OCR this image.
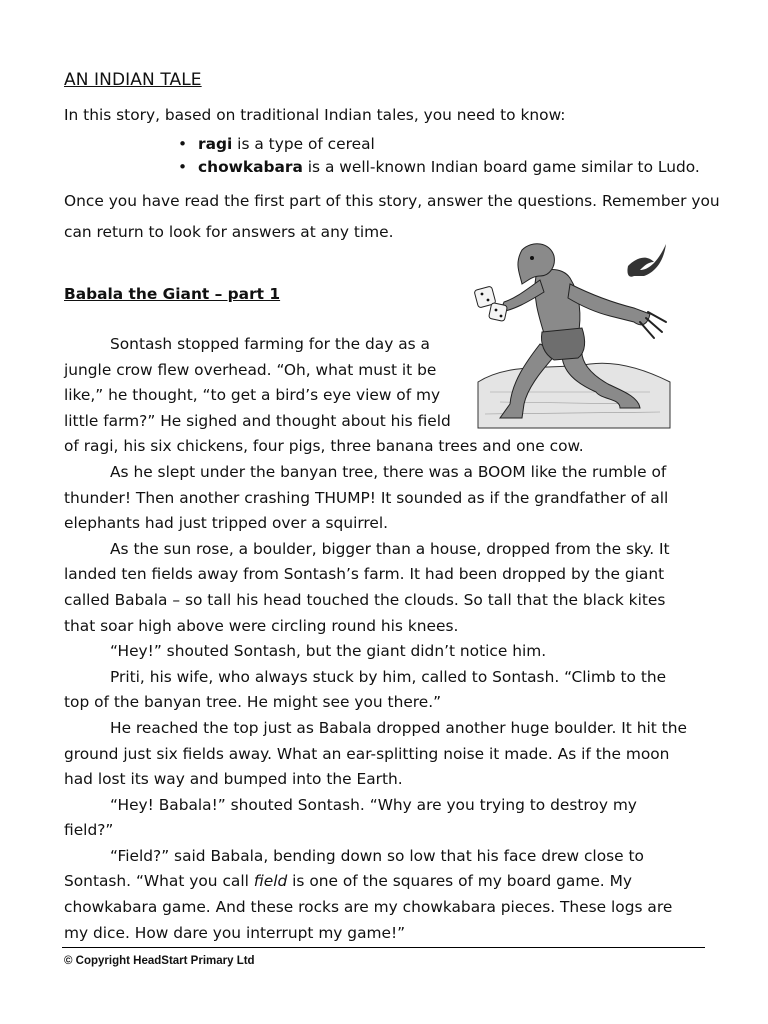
AN INDIAN TALE
In this story, based on traditional Indian tales, you need to know:
• ragi is a type of cereal
• chowkabara is a well-known Indian board game similar to Ludo.
Once you have read the first part of this story, answer the questions. Remember you
can return to look for answers at any time.
Babala the Giant – part 1
Sontash stopped farming for the day as a
jungle crow flew overhead. “Oh, what must it be
like,” he thought, “to get a bird’s eye view of my
little farm?” He sighed and thought about his field
of ragi, his six chickens, four pigs, three banana trees and one cow.
As he slept under the banyan tree, there was a BOOM like the rumble of
thunder! Then another crashing THUMP! It sounded as if the grandfather of all
elephants had just tripped over a squirrel.
As the sun rose, a boulder, bigger than a house, dropped from the sky. It
landed ten fields away from Sontash’s farm. It had been dropped by the giant
called Babala – so tall his head touched the clouds. So tall that the black kites
that soar high above were circling round his knees.
“Hey!” shouted Sontash, but the giant didn’t notice him.
Priti, his wife, who always stuck by him, called to Sontash. “Climb to the
top of the banyan tree. He might see you there.”
He reached the top just as Babala dropped another huge boulder. It hit the
ground just six fields away. What an ear-splitting noise it made. As if the moon
had lost its way and bumped into the Earth.
“Hey! Babala!” shouted Sontash. “Why are you trying to destroy my
field?”
“Field?” said Babala, bending down so low that his face drew close to
Sontash. “What you call field is one of the squares of my board game. My
chowkabara game. And these rocks are my chowkabara pieces. These logs are
my dice. How dare you interrupt my game!”
© Copyright HeadStart Primary Ltd
